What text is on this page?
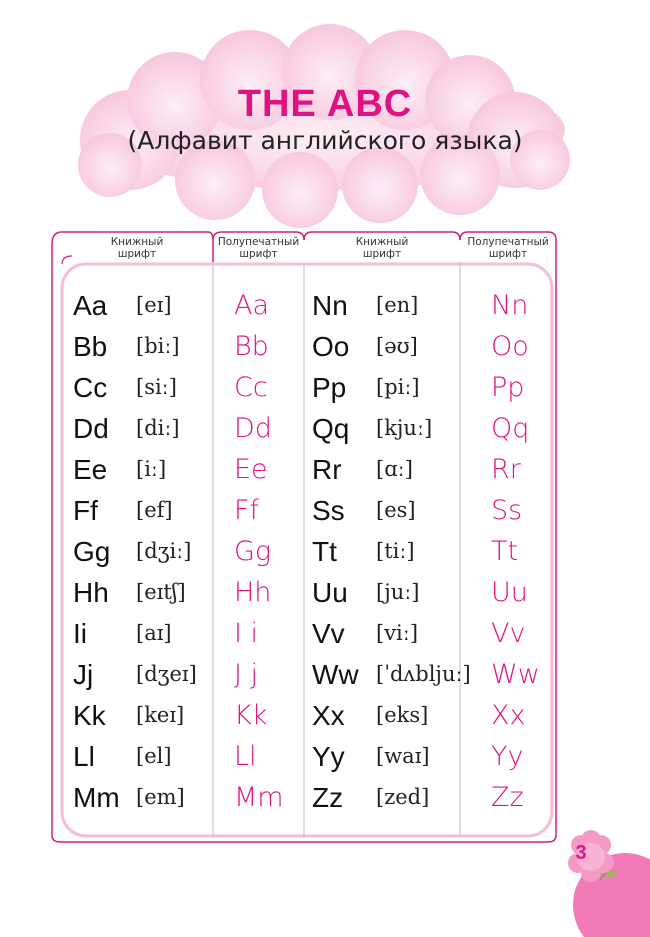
THE ABC
(Алфавит английского языка)
Книжный
шрифт
Полупечатный
шрифт
Книжный
шрифт
Полупечатный
шрифт
Aa
Bb
Cc
Dd
Ee
Ff
Gg
Hh
Ii
Jj
Kk
Ll
Mm
[eɪ]
[biː]
[siː]
[diː]
[iː]
[ef]
[dʒiː]
[eɪtʃ]
[aɪ]
[dʒeɪ]
[keɪ]
[el]
[em]
Aa
Bb
Cc
Dd
Ee
Ff
Gg
Hh
I i
J j
Kk
Ll
Mm
Nn
Oo
Pp
Qq
Rr
Ss
Tt
Uu
Vv
Ww
Xx
Yy
Zz
[en]
[əʊ]
[piː]
[kjuː]
[ɑː]
[es]
[tiː]
[juː]
[viː]
[ˈdʌbljuː]
[eks]
[waɪ]
[zed]
Nn
Oo
Pp
Qq
Rr
Ss
Tt
Uu
Vv
Ww
Xx
Yy
Zz
3
